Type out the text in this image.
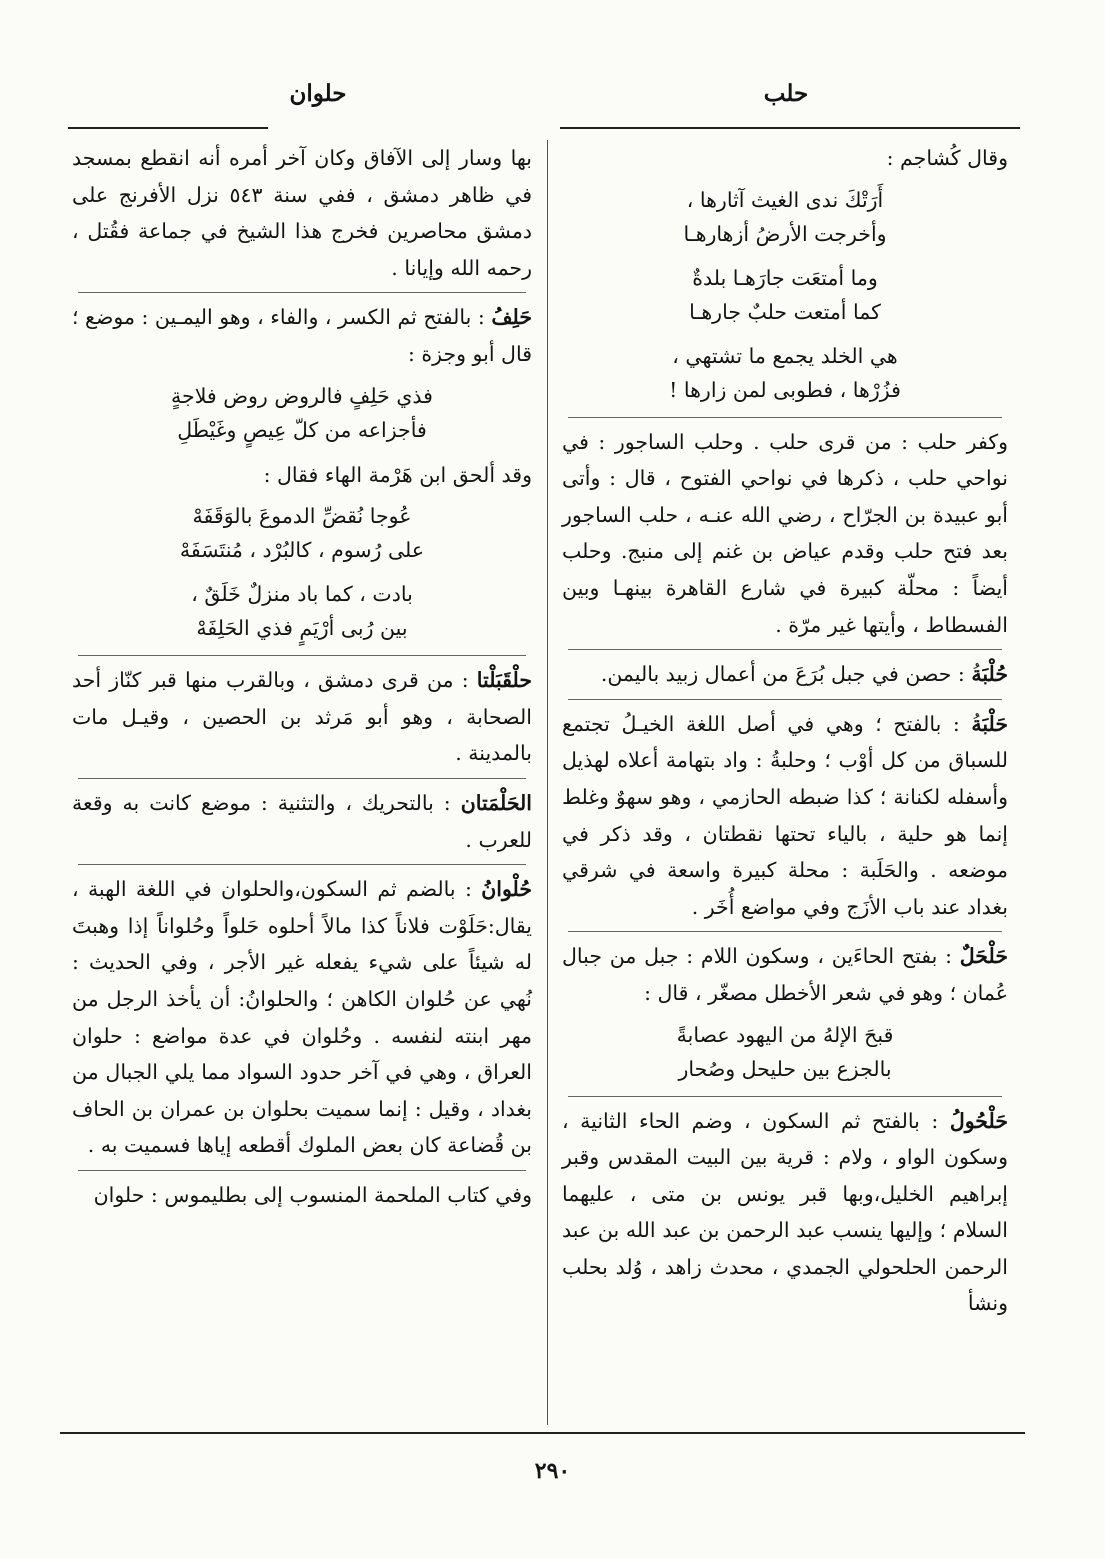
حلب
حلوان

وقال كُشاجم :

أَرَتْكَ ندى الغيث آثارها ،
وأخرجت الأرضُ أزهارهـا
وما أمتعَت جارَهـا بلدةٌ
كما أمتعت حلبٌ جارهـا
هي الخلد يجمع ما تشتهي ،
فزُرْها ، فطوبى لمن زارها !

وكفر حلب : من قرى حلب . وحلب الساجور : في نواحي حلب ، ذكرها في نواحي الفتوح ، قال : وأتى أبو عبيدة بن الجرّاح ، رضي الله عنـه ، حلب الساجور بعد فتح حلب وقدم عياض بن غنم إلى منبج. وحلب أيضاً : محلّة كبيرة في شارع القاهرة بينهـا وبين الفسطاط ، وأيتها غير مرّة .

حُلْبَةُ : حصن في جبل بُرَعَ من أعمال زبيد باليمن.

حَلْبَةُ : بالفتح ؛ وهي في أصل اللغة الخيـلُ تجتمع للسباق من كل أوْب ؛ وحلبةُ : واد بتهامة أعلاه لهذيل وأسفله لكنانة ؛ كذا ضبطه الحازمي ، وهو سهوٌ وغلط إنما هو حلية ، بالياء تحتها نقطتان ، وقد ذكر في موضعه . والحَلَبة : محلة كبيرة واسعة في شرقي بغداد عند باب الأزَج وفي مواضع أُخَر .

حَلْحَلٌ : بفتح الحاءَين ، وسكون اللام : جبل من جبال عُمان ؛ وهو في شعر الأخطل مصغّر ، قال :

قبحَ الإلهُ من اليهود عصابةً
بالجزع بين حليحل وصُحار

حَلْحُولُ : بالفتح ثم السكون ، وضم الحاء الثانية ، وسكون الواو ، ولام : قرية بين البيت المقدس وقبر إبراهيم الخليل،وبها قبر يونس بن متى ، عليهما السلام ؛ وإليها ينسب عبد الرحمن بن عبد الله بن عبد الرحمن الحلحولي الجمدي ، محدث زاهد ، وُلد بحلب ونشأ

بها وسار إلى الآفاق وكان آخر أمره أنه انقطع بمسجد في ظاهر دمشق ، ففي سنة ٥٤٣ نزل الأفرنج على دمشق محاصرين فخرج هذا الشيخ في جماعة فقُتل ، رحمه الله وإيانا .

حَلِفُ : بالفتح ثم الكسر ، والفاء ، وهو اليمـين : موضع ؛ قال أبو وجزة :

فذي حَلِفٍ فالروض روض فلاجةٍ
فأجزاعه من كلّ عِيصٍ وغَيْطَلِ

وقد ألحق ابن هَرْمة الهاء فقال :

عُوجا نُقضِّ الدموعَ بالوَقَفَهْ
على رُسوم ، كالبُرْد ، مُنتَسَفَهْ
بادت ، كما باد منزلٌ خَلَقٌ ،
بين رُبى أرْيَمٍ فذي الحَلِفَهْ

حلْقَبَلْتا : من قرى دمشق ، وبالقرب منها قبر كنّاز أحد الصحابة ، وهو أبو مَرثد بن الحصين ، وقيـل مات بالمدينة .

الحَلْمَتان : بالتحريك ، والتثنية : موضع كانت به وقعة للعرب .

حُلْوانُ : بالضم ثم السكون،والحلوان في اللغة الهبة ، يقال:حَلَوْت فلاناً كذا مالاً أحلوه حَلواً وحُلواناً إذا وهبتَ له شيئاً على شيء يفعله غير الأجر ، وفي الحديث : نُهي عن حُلوان الكاهن ؛ والحلوانُ: أن يأخذ الرجل من مهر ابنته لنفسه . وحُلوان في عدة مواضع : حلوان العراق ، وهي في آخر حدود السواد مما يلي الجبال من بغداد ، وقيل : إنما سميت بحلوان بن عمران بن الحاف بن قُضاعة كان بعض الملوك أقطعه إياها فسميت به .

وفي كتاب الملحمة المنسوب إلى بطليموس : حلوان

٢٩٠
